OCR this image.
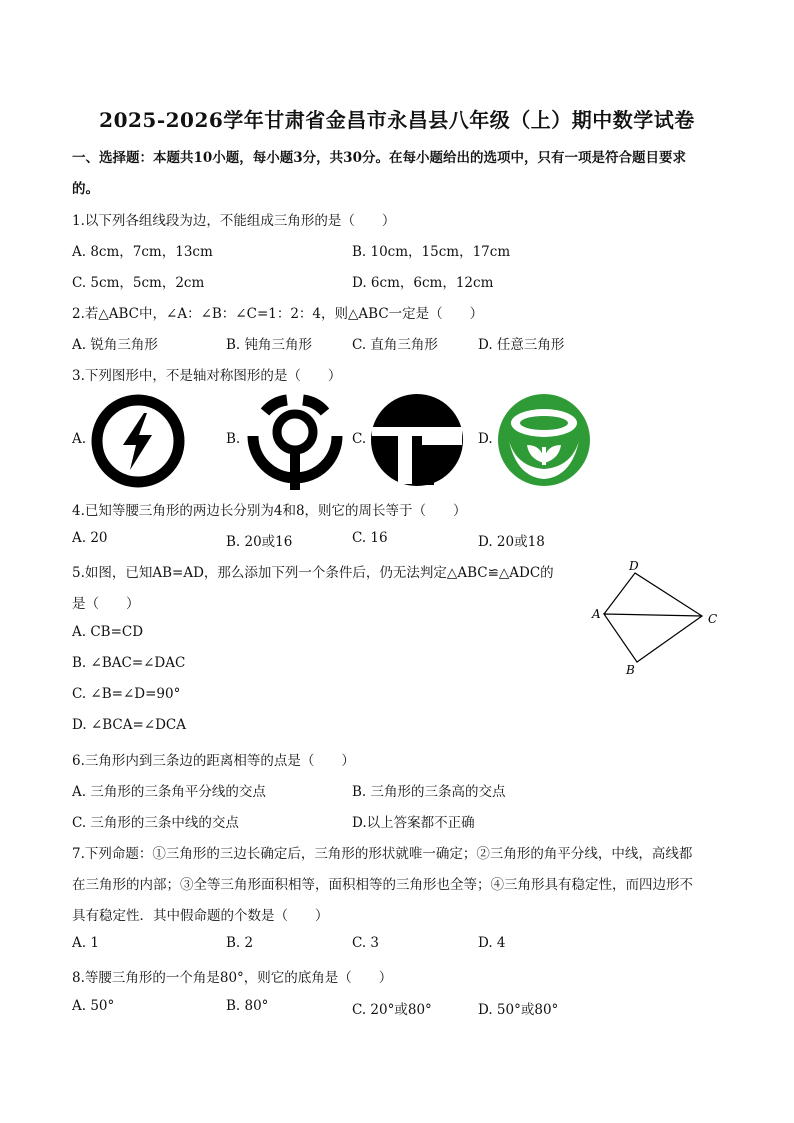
2025-2026学年甘肃省金昌市永昌县八年级（上）期中数学试卷
一、选择题：本题共10小题，每小题3分，共30分。在每小题给出的选项中，只有一项是符合题目要求
的。
1.以下列各组线段为边，不能组成三角形的是（　　）
A. 8cm，7cm，13cm	B. 10cm，15cm，17cm
C. 5cm，5cm，2cm	D. 6cm，6cm，12cm
2.若△ABC中，∠A：∠B：∠C=1：2：4，则△ABC一定是（　　）
A. 锐角三角形	B. 钝角三角形	C. 直角三角形	D. 任意三角形
3.下列图形中，不是轴对称图形的是（　　）
A.	B.	C.	D.
4.已知等腰三角形的两边长分别为4和8，则它的周长等于（　　）
A. 20	B. 20或16	C. 16	D. 20或18
5.如图，已知AB=AD，那么添加下列一个条件后，仍无法判定△ABC≌△ADC的
是（　　）
A. CB=CD
B. ∠BAC=∠DAC
C. ∠B=∠D=90°
D. ∠BCA=∠DCA
D
A	C
B
6.三角形内到三条边的距离相等的点是（　　）
A. 三角形的三条角平分线的交点	B. 三角形的三条高的交点
C. 三角形的三条中线的交点	D.以上答案都不正确
7.下列命题：①三角形的三边长确定后，三角形的形状就唯一确定；②三角形的角平分线，中线，高线都
在三角形的内部；③全等三角形面积相等，面积相等的三角形也全等；④三角形具有稳定性，而四边形不
具有稳定性．其中假命题的个数是（　　）
A. 1	B. 2	C. 3	D. 4
8.等腰三角形的一个角是80°，则它的底角是（　　）
A. 50°	B. 80°	C. 20°或80°	D. 50°或80°
